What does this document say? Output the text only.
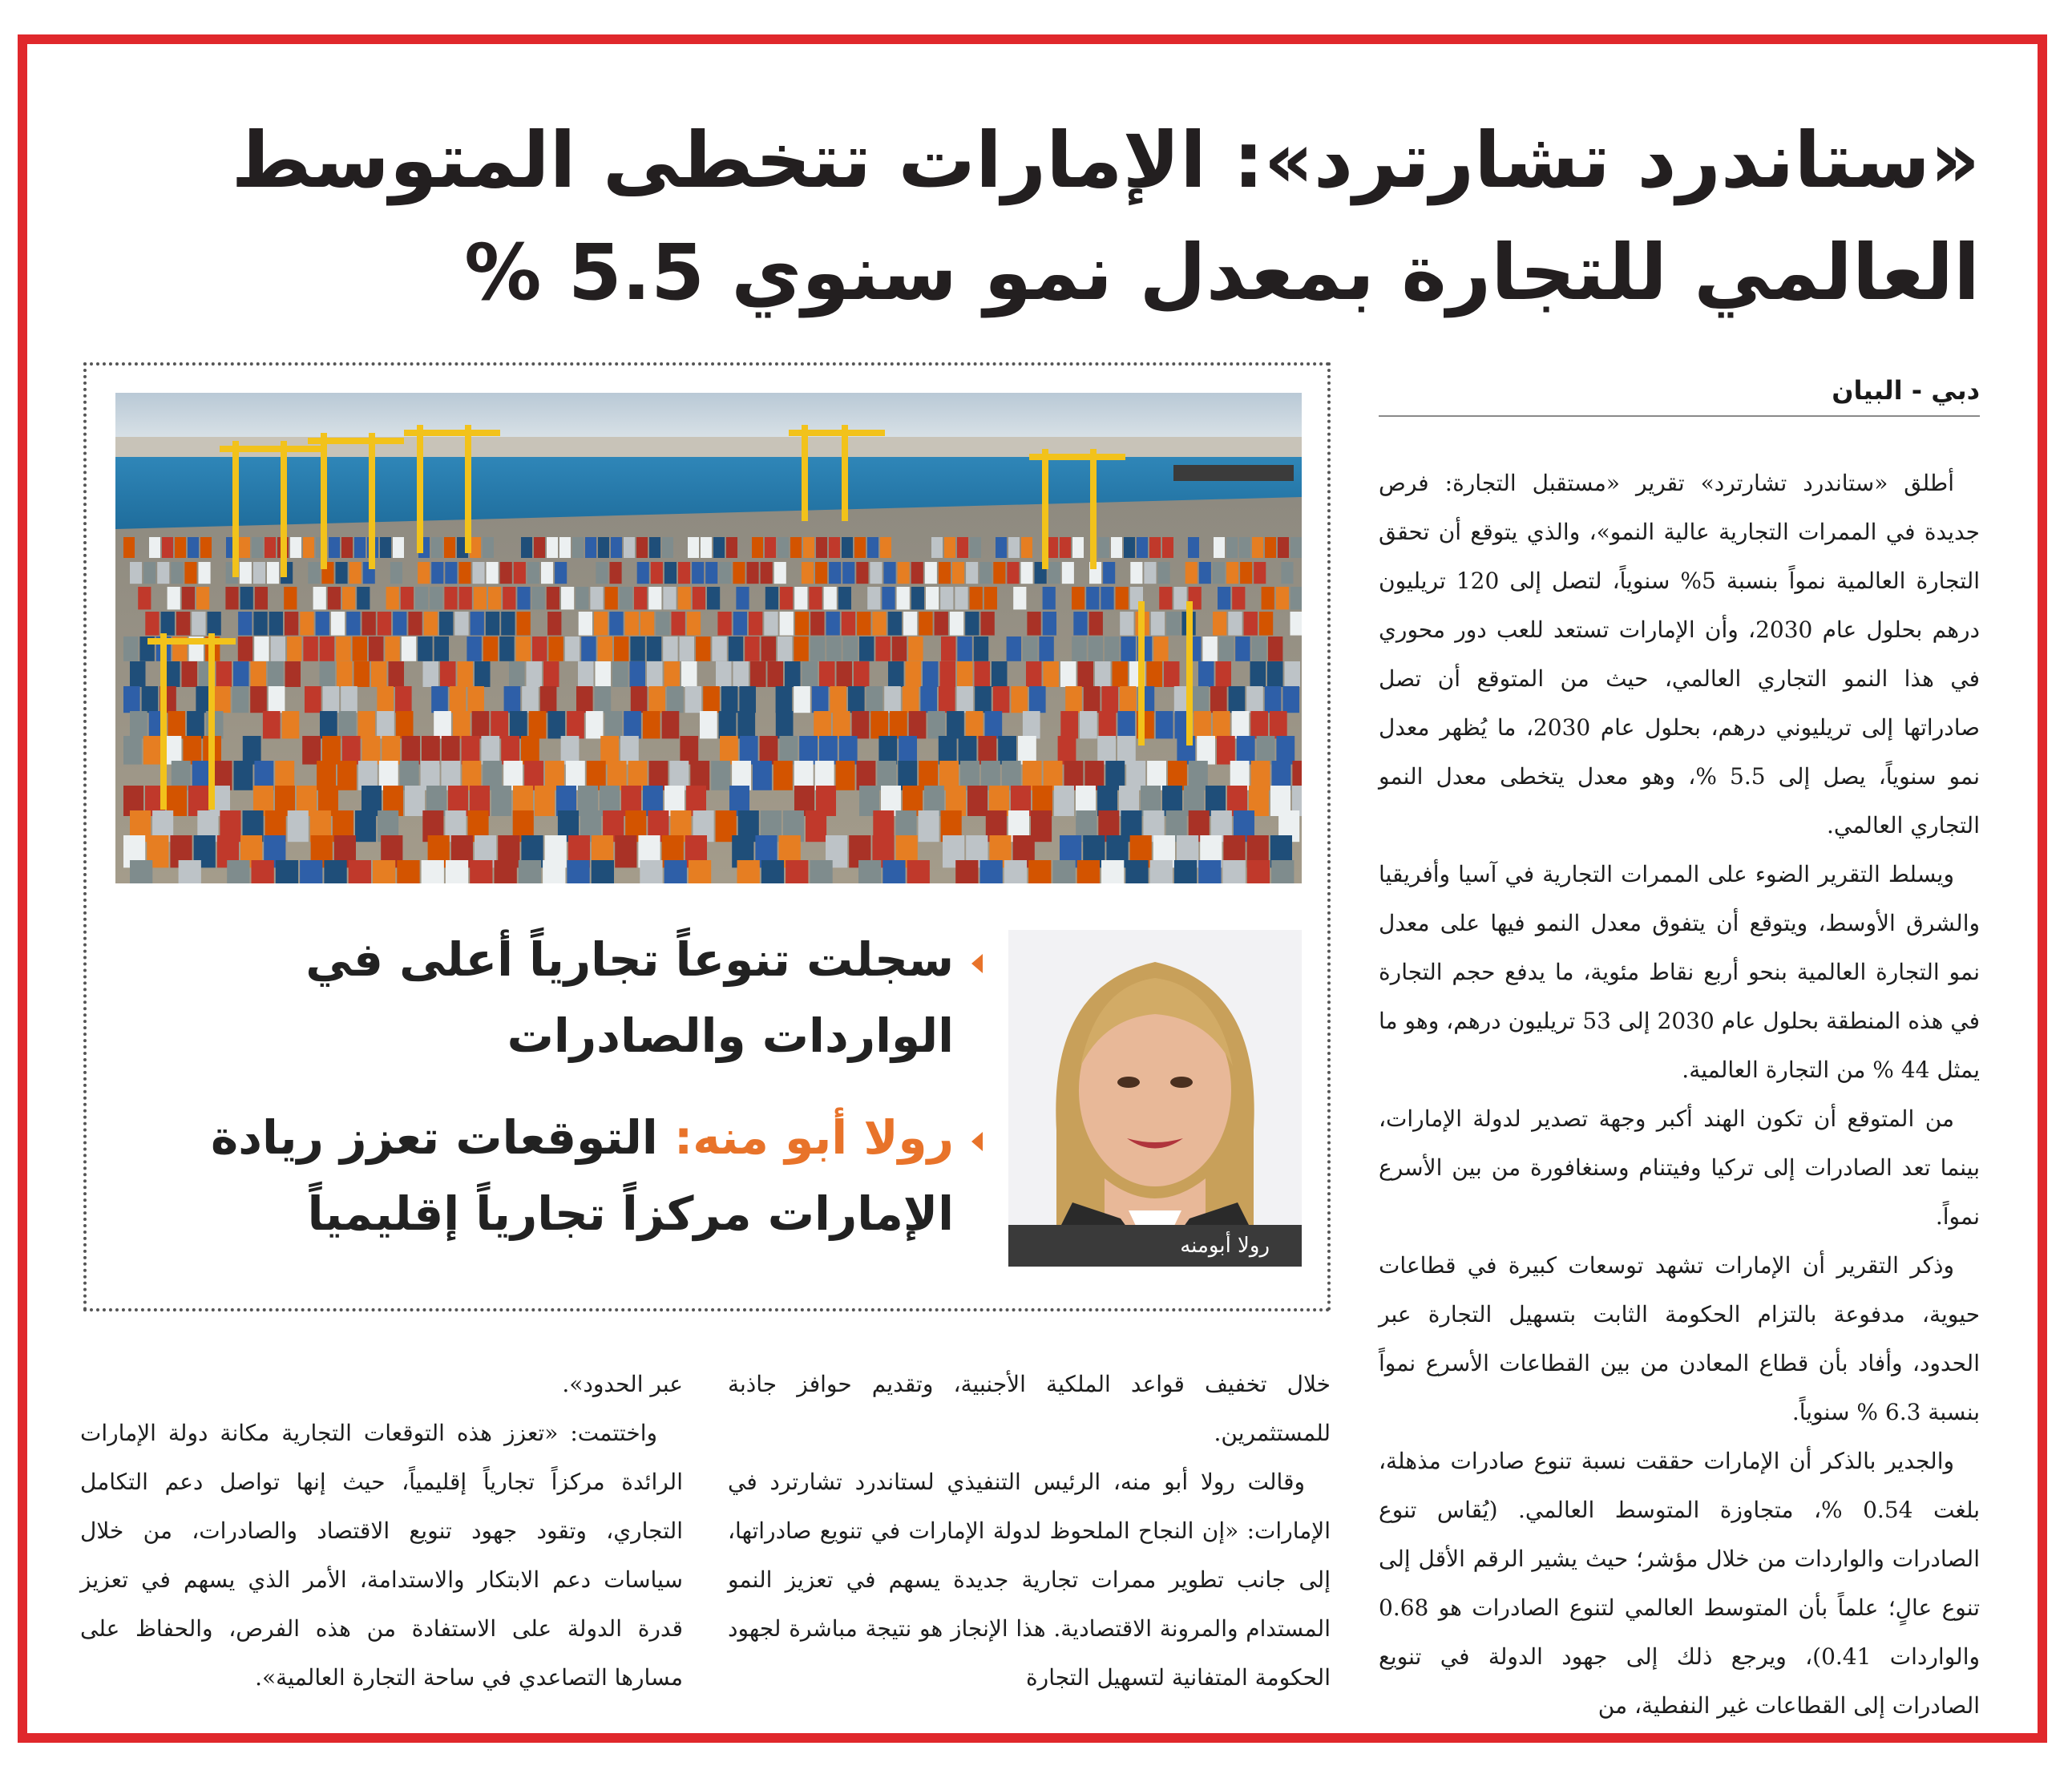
«ستاندرد تشارترد»: الإمارات تتخطى المتوسط
العالمي للتجارة بمعدل نمو سنوي 5.5 %
دبي - البيان

أطلق «ستاندرد تشارترد» تقرير «مستقبل التجارة: فرص جديدة في الممرات التجارية عالية النمو»، والذي يتوقع أن تحقق التجارة العالمية نمواً بنسبة 5% سنوياً، لتصل إلى 120 تريليون درهم بحلول عام 2030، وأن الإمارات تستعد للعب دور محوري في هذا النمو التجاري العالمي، حيث من المتوقع أن تصل صادراتها إلى تريليوني درهم، بحلول عام 2030، ما يُظهر معدل نمو سنوياً، يصل إلى 5.5 %، وهو معدل يتخطى معدل النمو التجاري العالمي.

ويسلط التقرير الضوء على الممرات التجارية في آسيا وأفريقيا والشرق الأوسط، ويتوقع أن يتفوق معدل النمو فيها على معدل نمو التجارة العالمية بنحو أربع نقاط مئوية، ما يدفع حجم التجارة في هذه المنطقة بحلول عام 2030 إلى 53 تريليون درهم، وهو ما يمثل 44 % من التجارة العالمية.

من المتوقع أن تكون الهند أكبر وجهة تصدير لدولة الإمارات، بينما تعد الصادرات إلى تركيا وفيتنام وسنغافورة من بين الأسرع نمواً.

وذكر التقرير أن الإمارات تشهد توسعات كبيرة في قطاعات حيوية، مدفوعة بالتزام الحكومة الثابت بتسهيل التجارة عبر الحدود، وأفاد بأن قطاع المعادن من بين القطاعات الأسرع نمواً بنسبة 6.3 % سنوياً.

والجدير بالذكر أن الإمارات حققت نسبة تنوع صادرات مذهلة، بلغت 0.54 %، متجاوزة المتوسط العالمي. (يُقاس تنوع الصادرات والواردات من خلال مؤشر؛ حيث يشير الرقم الأقل إلى تنوع عالٍ؛ علماً بأن المتوسط العالمي لتنوع الصادرات هو 0.68 والواردات 0.41)، ويرجع ذلك إلى جهود الدولة في تنويع الصادرات إلى القطاعات غير النفطية، من

رولا أبومنه
سجلت تنوعاً تجارياً أعلى في الواردات والصادرات
رولا أبو منه: التوقعات تعزز ريادة الإمارات مركزاً تجارياً إقليمياً

خلال تخفيف قواعد الملكية الأجنبية، وتقديم حوافز جاذبة للمستثمرين.

وقالت رولا أبو منه، الرئيس التنفيذي لستاندرد تشارترد في الإمارات: «إن النجاح الملحوظ لدولة الإمارات في تنويع صادراتها، إلى جانب تطوير ممرات تجارية جديدة يسهم في تعزيز النمو المستدام والمرونة الاقتصادية. هذا الإنجاز هو نتيجة مباشرة لجهود الحكومة المتفانية لتسهيل التجارة

عبر الحدود».

واختتمت: «تعزز هذه التوقعات التجارية مكانة دولة الإمارات الرائدة مركزاً تجارياً إقليمياً، حيث إنها تواصل دعم التكامل التجاري، وتقود جهود تنويع الاقتصاد والصادرات، من خلال سياسات دعم الابتكار والاستدامة، الأمر الذي يسهم في تعزيز قدرة الدولة على الاستفادة من هذه الفرص، والحفاظ على مسارها التصاعدي في ساحة التجارة العالمية».
